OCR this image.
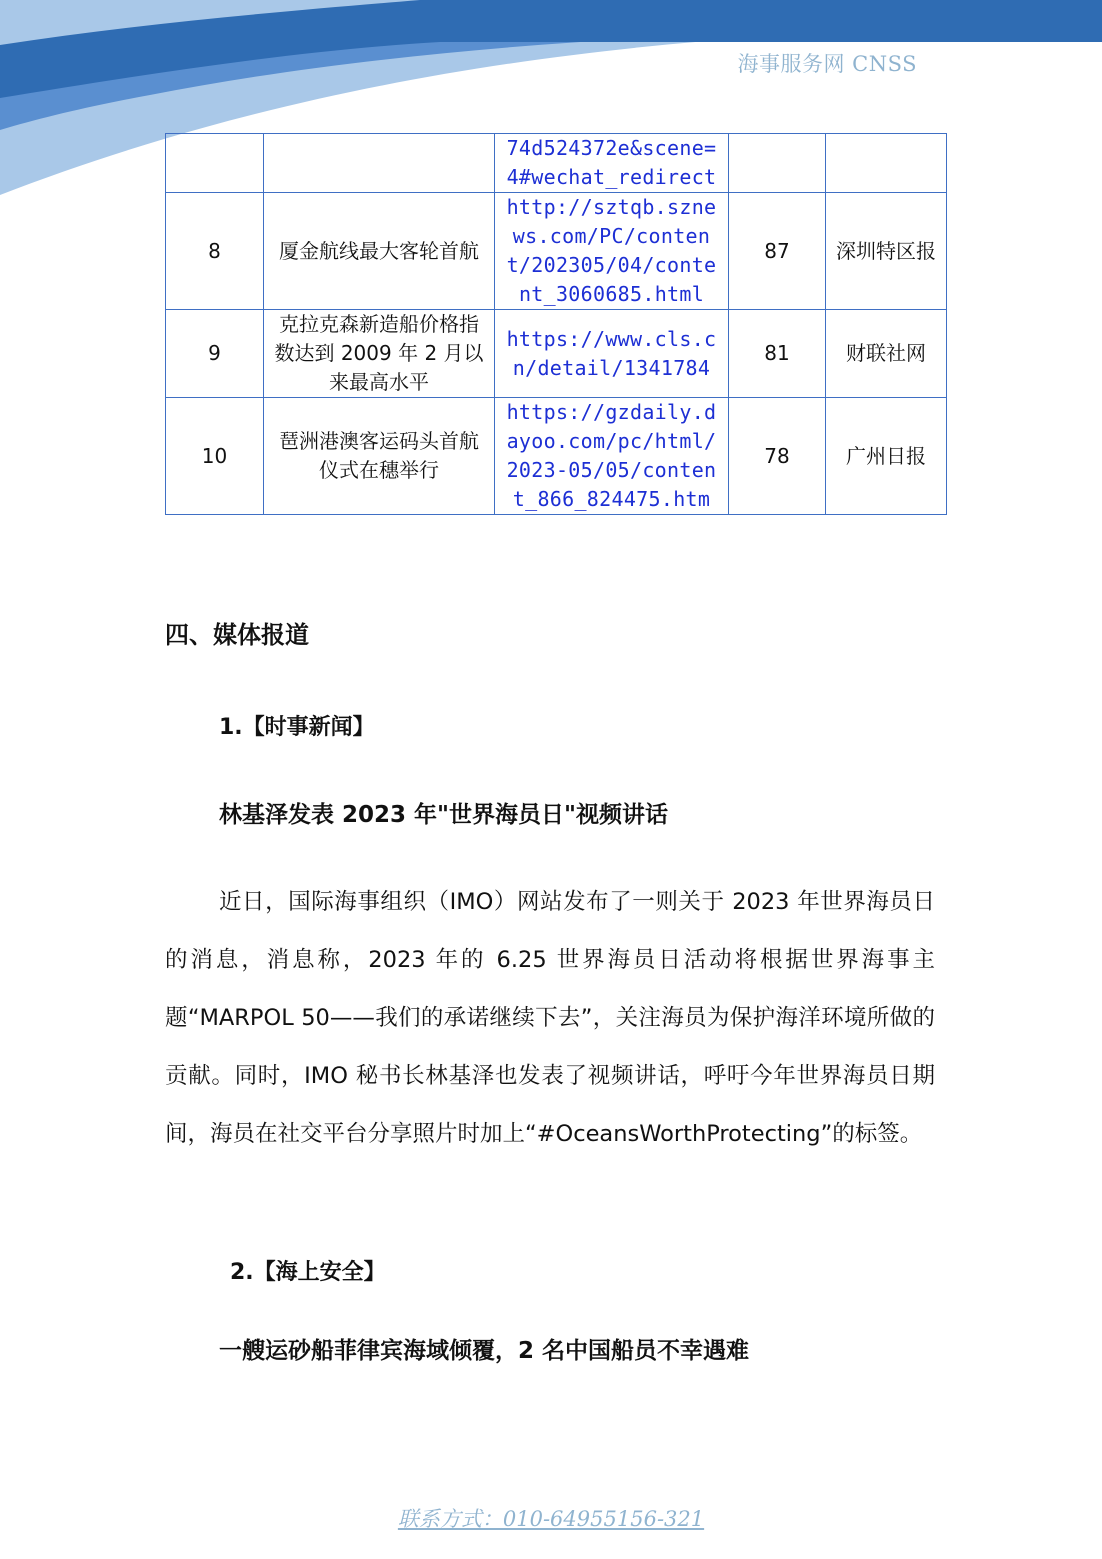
海事服务网 CNSS
		74d524372e&scene=4#wechat_redirect		
8	厦金航线最大客轮首航	http://sztqb.sznews.com/PC/content/202305/04/content_3060685.html	87	深圳特区报
9	克拉克森新造船价格指数达到 2009 年 2 月以来最高水平	https://www.cls.cn/detail/1341784	81	财联社网
10	琶洲港澳客运码头首航仪式在穗举行	https://gzdaily.dayoo.com/pc/html/2023-05/05/content_866_824475.htm	78	广州日报
四、媒体报道
1.【时事新闻】
林基泽发表 2023 年"世界海员日"视频讲话

近日，国际海事组织（IMO）网站发布了一则关于 2023 年世界海员日的消息，消息称，2023 年的 6.25 世界海员日活动将根据世界海事主题“MARPOL 50——我们的承诺继续下去”，关注海员为保护海洋环境所做的贡献。同时，IMO 秘书长林基泽也发表了视频讲话，呼吁今年世界海员日期间，海员在社交平台分享照片时加上“#OceansWorthProtecting”的标签。

2.【海上安全】
一艘运砂船菲律宾海域倾覆，2 名中国船员不幸遇难
联系方式：010-64955156-321
